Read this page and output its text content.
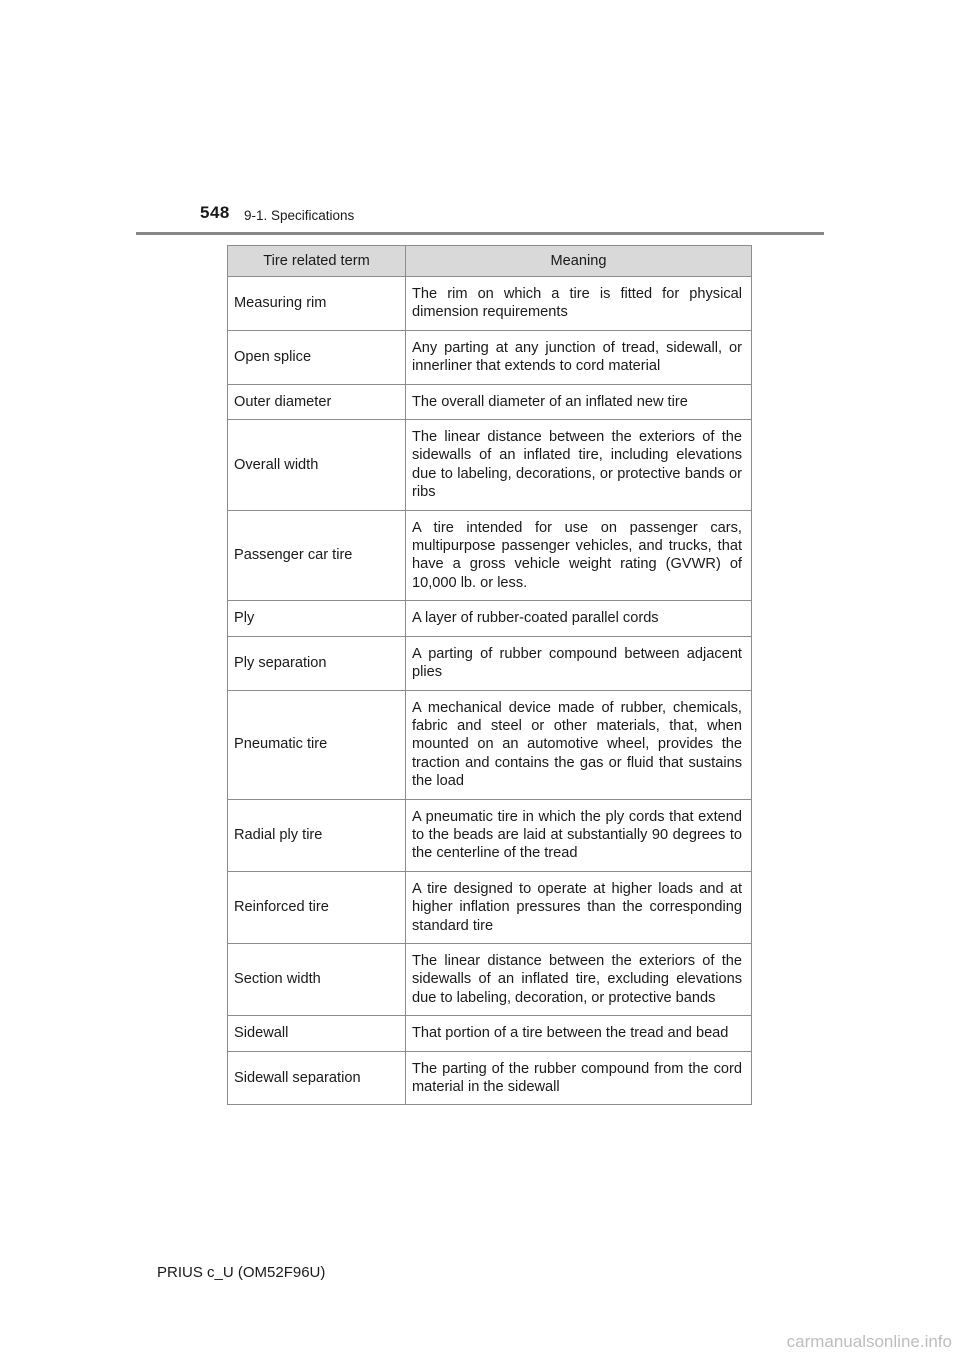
548 9-1. Specifications
Tire related term	Meaning
Measuring rim	The rim on which a tire is fitted for physical dimension requirements
Open splice	Any parting at any junction of tread, sidewall, or innerliner that extends to cord material
Outer diameter	The overall diameter of an inflated new tire
Overall width	The linear distance between the exteriors of the sidewalls of an inflated tire, including elevations due to labeling, decorations, or protective bands or ribs
Passenger car tire	A tire intended for use on passenger cars, multipurpose passenger vehicles, and trucks, that have a gross vehicle weight rating (GVWR) of 10,000 lb. or less.
Ply	A layer of rubber-coated parallel cords
Ply separation	A parting of rubber compound between adjacent plies
Pneumatic tire	A mechanical device made of rubber, chemicals, fabric and steel or other materials, that, when mounted on an automotive wheel, provides the traction and contains the gas or fluid that sustains the load
Radial ply tire	A pneumatic tire in which the ply cords that extend to the beads are laid at substantially 90 degrees to the centerline of the tread
Reinforced tire	A tire designed to operate at higher loads and at higher inflation pressures than the corresponding standard tire
Section width	The linear distance between the exteriors of the sidewalls of an inflated tire, excluding elevations due to labeling, decoration, or protective bands
Sidewall	That portion of a tire between the tread and bead
Sidewall separation	The parting of the rubber compound from the cord material in the sidewall
PRIUS c_U (OM52F96U)
carmanualsonline.info
